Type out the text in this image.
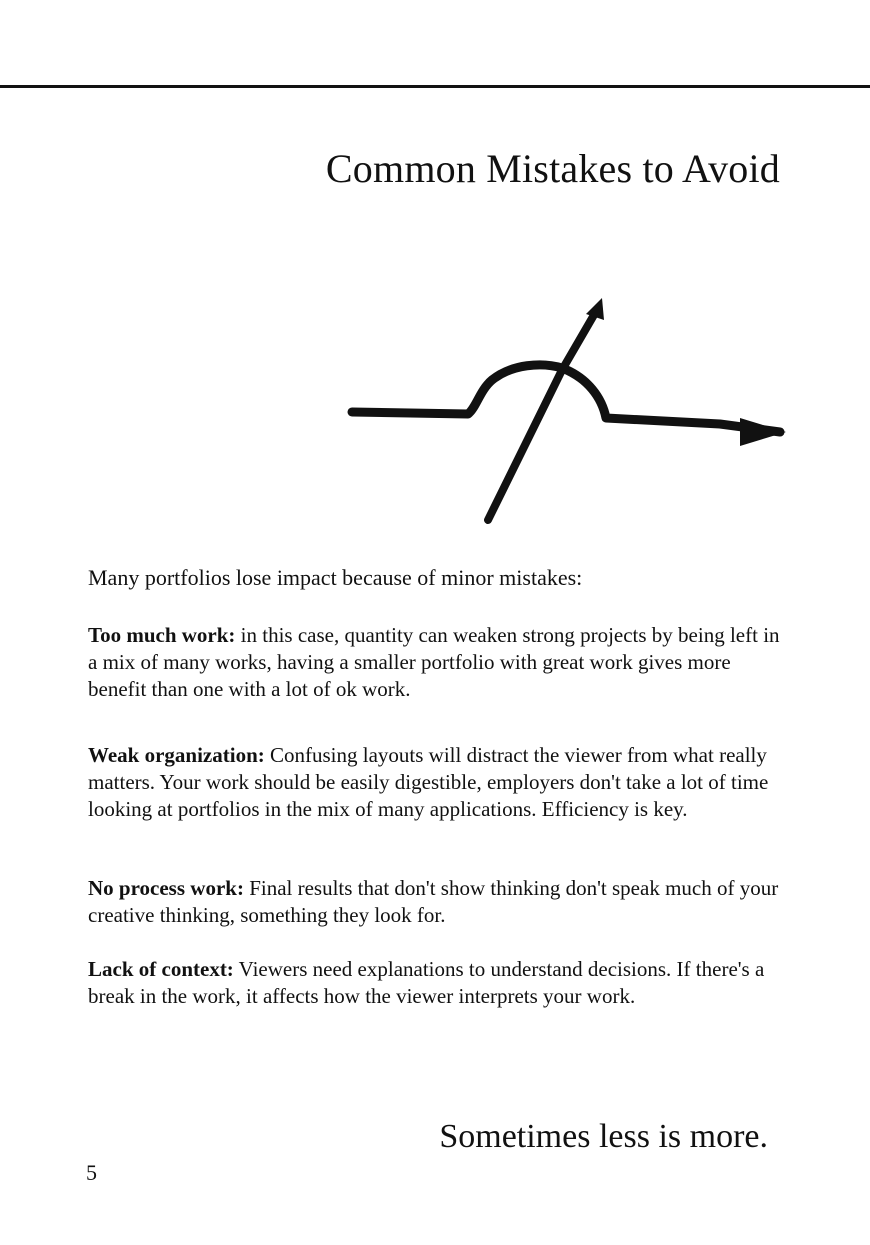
Common Mistakes to Avoid

Many portfolios lose impact because of minor mistakes:

Too much work: in this case, quantity can weaken strong projects by being left in a mix of many works, having a smaller portfolio with great work gives more benefit than one with a lot of ok work.

Weak organization: Confusing layouts will distract the viewer from what really matters. Your work should be easily digestible, employers don't take a lot of time looking at portfolios in the mix of many applications. Efficiency is key.

No process work: Final results that don't show thinking don't speak much of your creative thinking, something they look for.

Lack of context: Viewers need explanations to understand decisions. If there's a break in the work, it affects how the viewer interprets your work.

Sometimes less is more.

5
